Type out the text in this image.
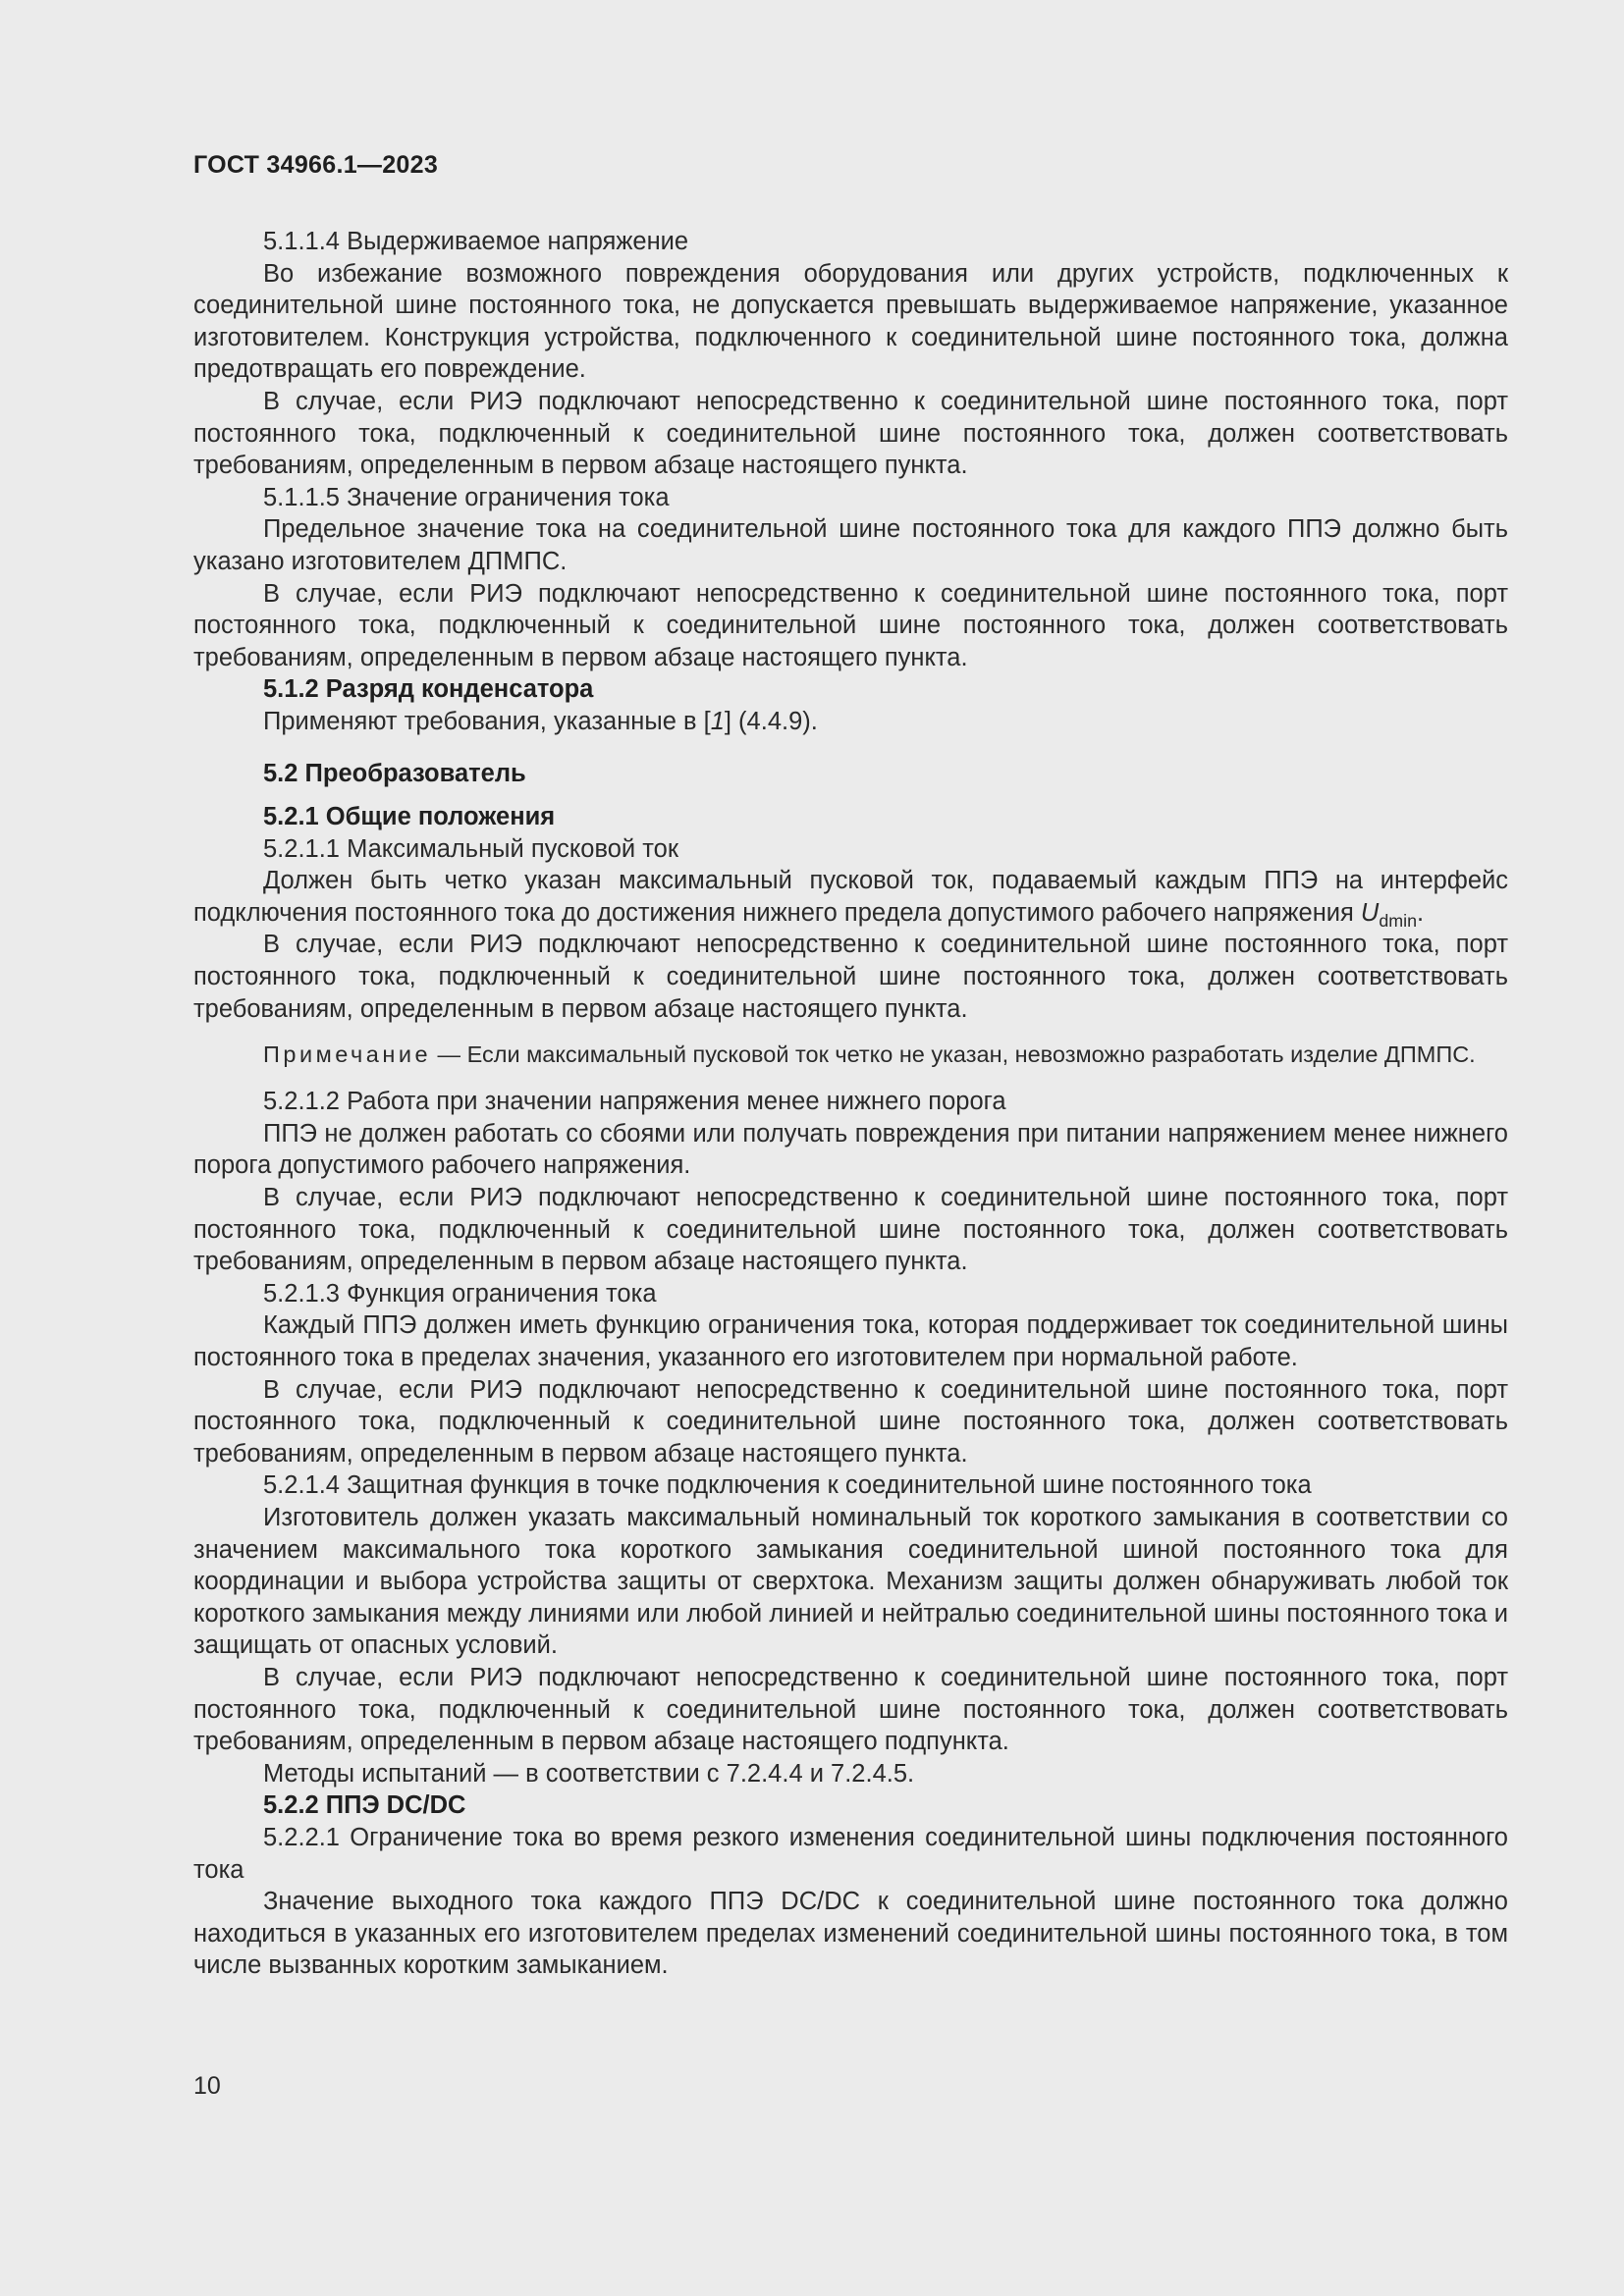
ГОСТ 34966.1—2023

5.1.1.4 Выдерживаемое напряжение

Во избежание возможного повреждения оборудования или других устройств, подключенных к соединительной шине постоянного тока, не допускается превышать выдерживаемое напряжение, указанное изготовителем. Конструкция устройства, подключенного к соединительной шине постоянного тока, должна предотвращать его повреждение.

В случае, если РИЭ подключают непосредственно к соединительной шине постоянного тока, порт постоянного тока, подключенный к соединительной шине постоянного тока, должен соответствовать требованиям, определенным в первом абзаце настоящего пункта.

5.1.1.5 Значение ограничения тока

Предельное значение тока на соединительной шине постоянного тока для каждого ППЭ должно быть указано изготовителем ДПМПС.

В случае, если РИЭ подключают непосредственно к соединительной шине постоянного тока, порт постоянного тока, подключенный к соединительной шине постоянного тока, должен соответствовать требованиям, определенным в первом абзаце настоящего пункта.

5.1.2 Разряд конденсатора

Применяют требования, указанные в [1] (4.4.9).

5.2 Преобразователь

5.2.1 Общие положения

5.2.1.1 Максимальный пусковой ток

Должен быть четко указан максимальный пусковой ток, подаваемый каждым ППЭ на интерфейс подключения постоянного тока до достижения нижнего предела допустимого рабочего напряжения $U_{dmin}$.

В случае, если РИЭ подключают непосредственно к соединительной шине постоянного тока, порт постоянного тока, подключенный к соединительной шине постоянного тока, должен соответствовать требованиям, определенным в первом абзаце настоящего пункта.

Примечание — Если максимальный пусковой ток четко не указан, невозможно разработать изделие ДПМПС.

5.2.1.2 Работа при значении напряжения менее нижнего порога

ППЭ не должен работать со сбоями или получать повреждения при питании напряжением менее нижнего порога допустимого рабочего напряжения.

В случае, если РИЭ подключают непосредственно к соединительной шине постоянного тока, порт постоянного тока, подключенный к соединительной шине постоянного тока, должен соответствовать требованиям, определенным в первом абзаце настоящего пункта.

5.2.1.3 Функция ограничения тока

Каждый ППЭ должен иметь функцию ограничения тока, которая поддерживает ток соединительной шины постоянного тока в пределах значения, указанного его изготовителем при нормальной работе.

В случае, если РИЭ подключают непосредственно к соединительной шине постоянного тока, порт постоянного тока, подключенный к соединительной шине постоянного тока, должен соответствовать требованиям, определенным в первом абзаце настоящего пункта.

5.2.1.4 Защитная функция в точке подключения к соединительной шине постоянного тока

Изготовитель должен указать максимальный номинальный ток короткого замыкания в соответствии со значением максимального тока короткого замыкания соединительной шиной постоянного тока для координации и выбора устройства защиты от сверхтока. Механизм защиты должен обнаруживать любой ток короткого замыкания между линиями или любой линией и нейтралью соединительной шины постоянного тока и защищать от опасных условий.

В случае, если РИЭ подключают непосредственно к соединительной шине постоянного тока, порт постоянного тока, подключенный к соединительной шине постоянного тока, должен соответствовать требованиям, определенным в первом абзаце настоящего подпункта.

Методы испытаний — в соответствии с 7.2.4.4 и 7.2.4.5.

5.2.2 ППЭ DC/DC

5.2.2.1 Ограничение тока во время резкого изменения соединительной шины подключения постоянного тока

Значение выходного тока каждого ППЭ DC/DC к соединительной шине постоянного тока должно находиться в указанных его изготовителем пределах изменений соединительной шины постоянного тока, в том числе вызванных коротким замыканием.

10
